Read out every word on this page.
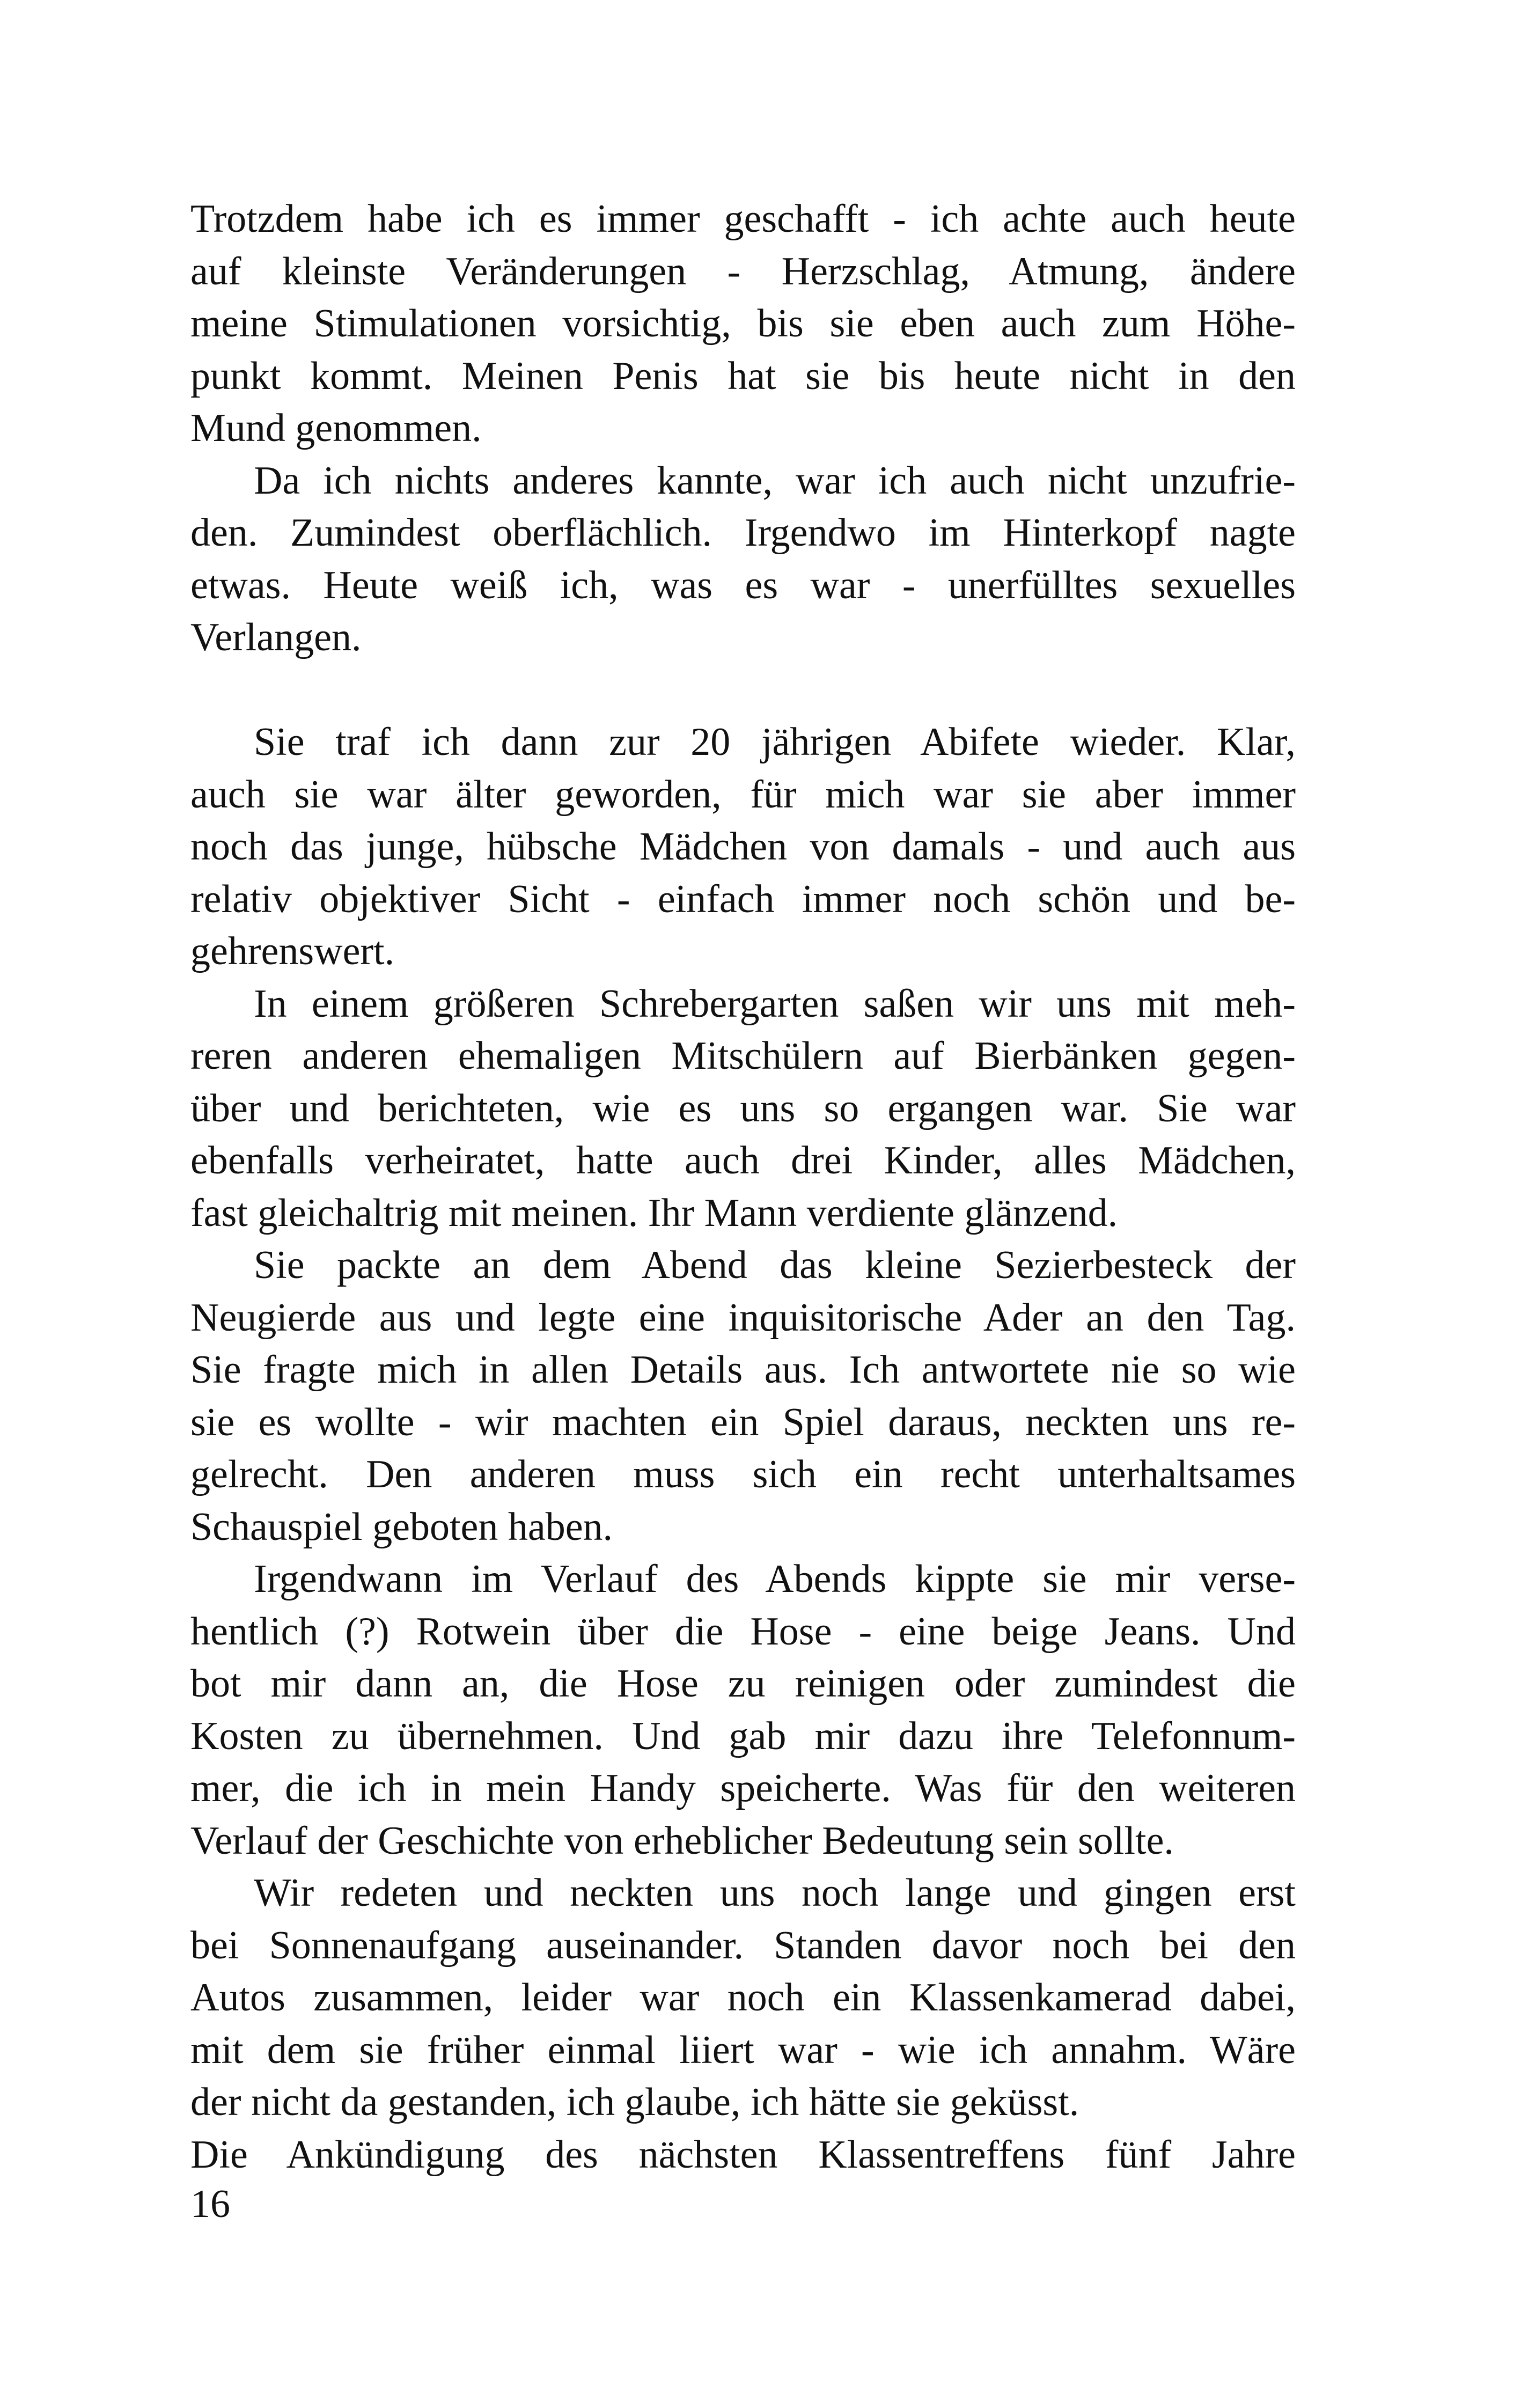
Trotzdem habe ich es immer geschafft - ich achte auch heute
auf kleinste Veränderungen - Herzschlag, Atmung, ändere
meine Stimulationen vorsichtig, bis sie eben auch zum Höhe-
punkt kommt. Meinen Penis hat sie bis heute nicht in den
Mund genommen.
Da ich nichts anderes kannte, war ich auch nicht unzufrie-
den. Zumindest oberflächlich. Irgendwo im Hinterkopf nagte
etwas. Heute weiß ich, was es war - unerfülltes sexuelles
Verlangen.
Sie traf ich dann zur 20 jährigen Abifete wieder. Klar,
auch sie war älter geworden, für mich war sie aber immer
noch das junge, hübsche Mädchen von damals - und auch aus
relativ objektiver Sicht - einfach immer noch schön und be-
gehrenswert.
In einem größeren Schrebergarten saßen wir uns mit meh-
reren anderen ehemaligen Mitschülern auf Bierbänken gegen-
über und berichteten, wie es uns so ergangen war. Sie war
ebenfalls verheiratet, hatte auch drei Kinder, alles Mädchen,
fast gleichaltrig mit meinen. Ihr Mann verdiente glänzend.
Sie packte an dem Abend das kleine Sezierbesteck der
Neugierde aus und legte eine inquisitorische Ader an den Tag.
Sie fragte mich in allen Details aus. Ich antwortete nie so wie
sie es wollte - wir machten ein Spiel daraus, neckten uns re-
gelrecht. Den anderen muss sich ein recht unterhaltsames
Schauspiel geboten haben.
Irgendwann im Verlauf des Abends kippte sie mir verse-
hentlich (?) Rotwein über die Hose - eine beige Jeans. Und
bot mir dann an, die Hose zu reinigen oder zumindest die
Kosten zu übernehmen. Und gab mir dazu ihre Telefonnum-
mer, die ich in mein Handy speicherte. Was für den weiteren
Verlauf der Geschichte von erheblicher Bedeutung sein sollte.
Wir redeten und neckten uns noch lange und gingen erst
bei Sonnenaufgang auseinander. Standen davor noch bei den
Autos zusammen, leider war noch ein Klassenkamerad dabei,
mit dem sie früher einmal liiert war - wie ich annahm. Wäre
der nicht da gestanden, ich glaube, ich hätte sie geküsst.
Die Ankündigung des nächsten Klassentreffens fünf Jahre
16
